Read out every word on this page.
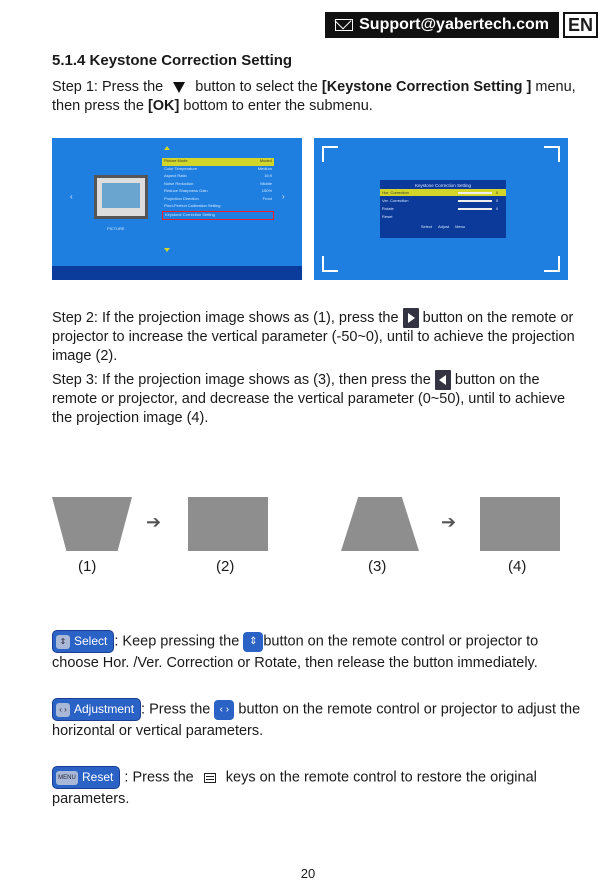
Support@yabertech.com EN
5.1.4 Keystone Correction Setting

Step 1: Press the button to select the [Keystone Correction Setting ] menu, then press the [OK] bottom to enter the submenu.

‹	›
PICTURE
Picture Mode	Mode4
Color Temperature	Medium
Aspect Ratio	16:9
Noise Reduction	Middle
Reduce Sharpness Gain	100%
Projection Direction	Front
Pixel-Perfect Calibration Setting
Keystone Correction Setting
Keystone Correction Setting
Hor. Correction	0
Ver. Correction	0
Rotate	0
Reset
Select Adjust Menu

Step 2: If the projection image shows as (1), press the button on the remote or projector to increase the vertical parameter (-50~0), until to achieve the projection image (2).

Step 3: If the projection image shows as (3), then press the button on the remote or projector, and decrease the vertical parameter (0~50), until to achieve the projection image (4).

➔	➔
(1)	(2)	(3)	(4)

⇕ Select : Keep pressing the ⇕ button on the remote control or projector to choose Hor. /Ver. Correction or Rotate, then release the button immediately.

‹ › Adjustment : Press the ‹ › button on the remote control or projector to adjust the horizontal or vertical parameters.

MENU Reset : Press the keys on the remote control to restore the original parameters.

20
